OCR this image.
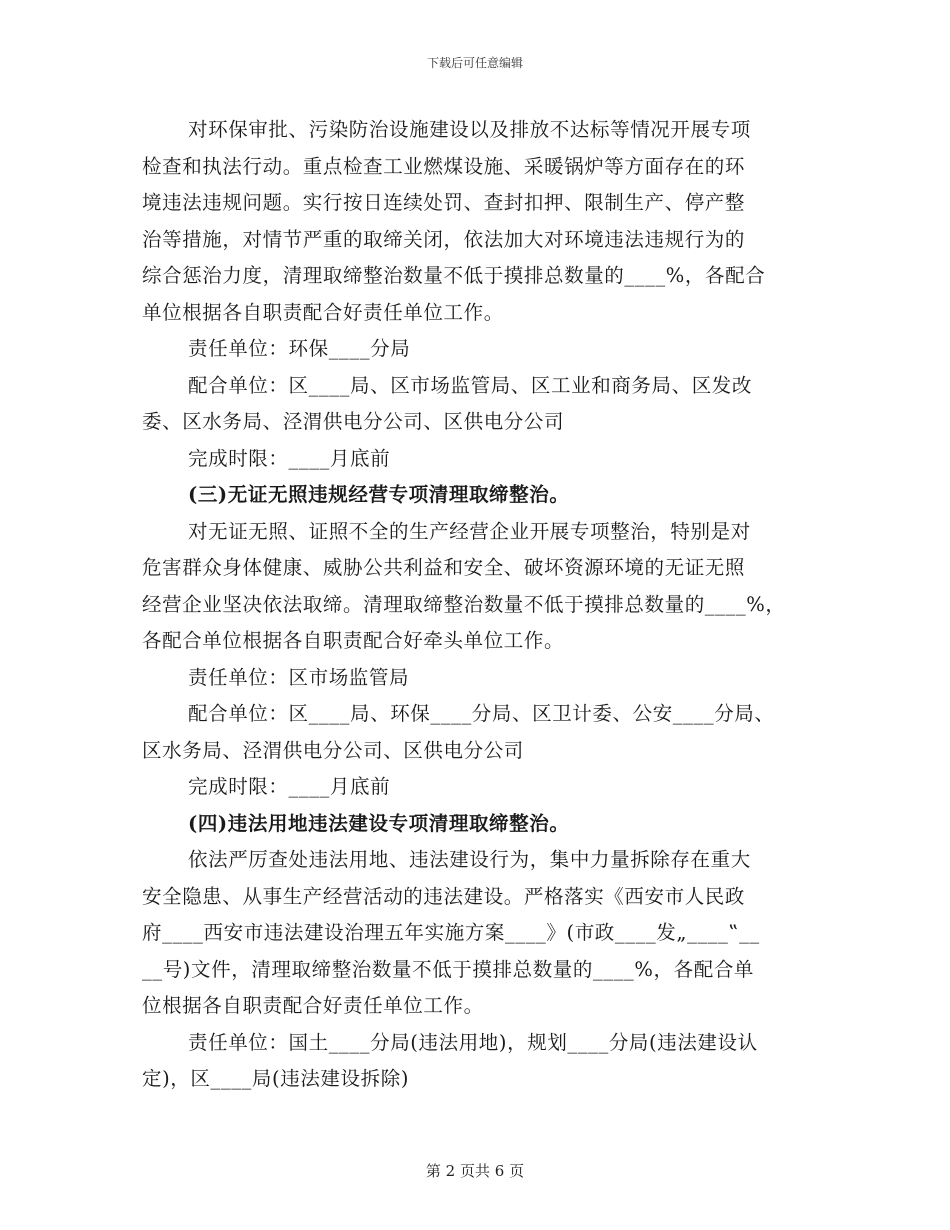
下载后可任意编辑
对环保审批、污染防治设施建设以及排放不达标等情况开展专项
检查和执法行动。重点检查工业燃煤设施、采暖锅炉等方面存在的环
境违法违规问题。实行按日连续处罚、查封扣押、限制生产、停产整
治等措施，对情节严重的取缔关闭，依法加大对环境违法违规行为的
综合惩治力度，清理取缔整治数量不低于摸排总数量的____%，各配合
单位根据各自职责配合好责任单位工作。
责任单位：环保____分局
配合单位：区____局、区市场监管局、区工业和商务局、区发改
委、区水务局、泾渭供电分公司、区供电分公司
完成时限：____月底前
(三)无证无照违规经营专项清理取缔整治。
对无证无照、证照不全的生产经营企业开展专项整治，特别是对
危害群众身体健康、威胁公共利益和安全、破坏资源环境的无证无照
经营企业坚决依法取缔。清理取缔整治数量不低于摸排总数量的____%，
各配合单位根据各自职责配合好牵头单位工作。
责任单位：区市场监管局
配合单位：区____局、环保____分局、区卫计委、公安____分局、
区水务局、泾渭供电分公司、区供电分公司
完成时限：____月底前
(四)违法用地违法建设专项清理取缔整治。
依法严厉查处违法用地、违法建设行为，集中力量拆除存在重大
安全隐患、从事生产经营活动的违法建设。严格落实《西安市人民政
府____西安市违法建设治理五年实施方案____》(市政____发„____‟__
__号)文件，清理取缔整治数量不低于摸排总数量的____%，各配合单
位根据各自职责配合好责任单位工作。
责任单位：国土____分局(违法用地)，规划____分局(违法建设认
定)，区____局(违法建设拆除)
第 2 页共 6 页
